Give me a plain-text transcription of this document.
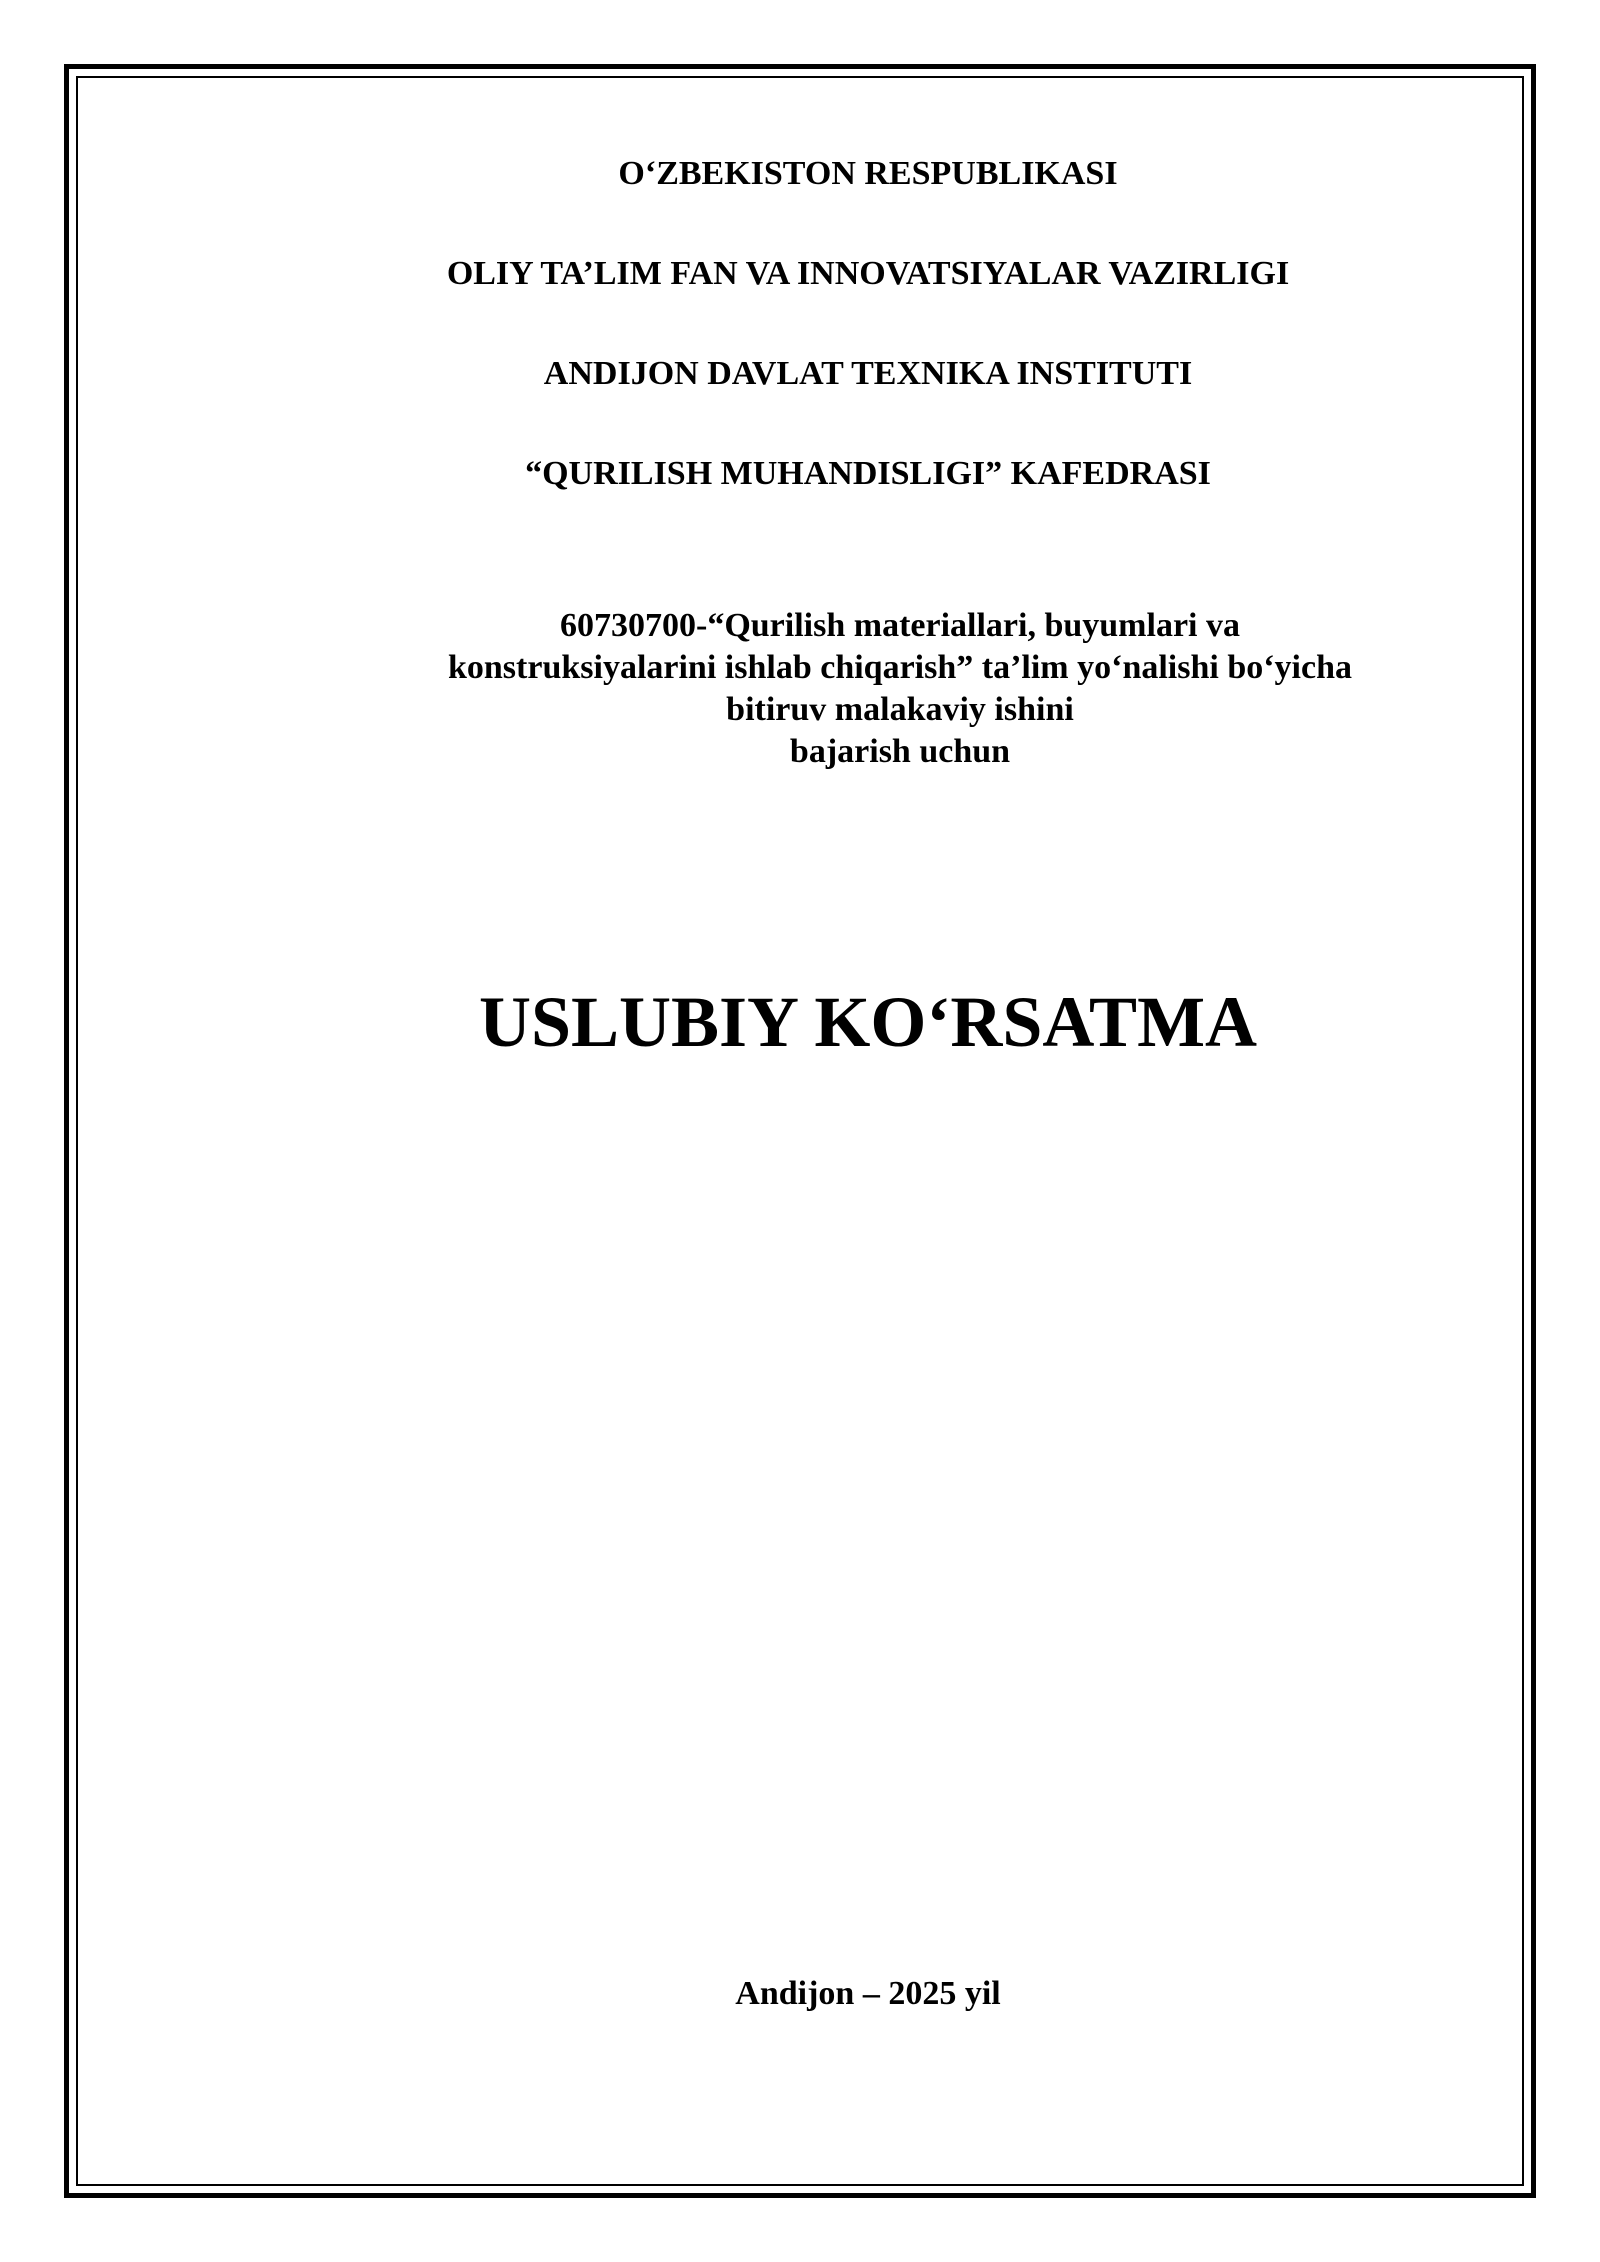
O‘ZBEKISTON RESPUBLIKASI
OLIY TA’LIM FAN VA INNOVATSIYALAR VAZIRLIGI
ANDIJON DAVLAT TEXNIKA INSTITUTI
“QURILISH MUHANDISLIGI” KAFEDRASI
60730700-“Qurilish materiallari, buyumlari va
konstruksiyalarini ishlab chiqarish” ta’lim yo‘nalishi bo‘yicha
bitiruv malakaviy ishini
bajarish uchun
USLUBIY KO‘RSATMA
Andijon – 2025 yil
